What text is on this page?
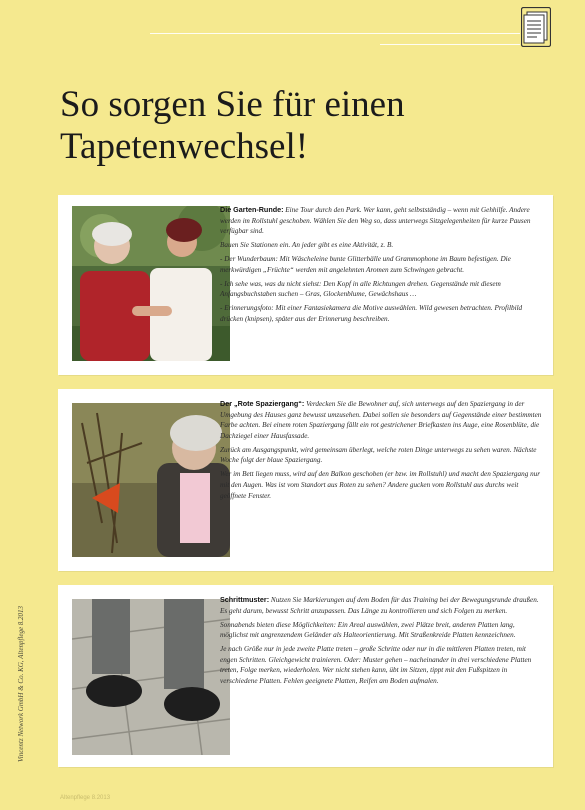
So sorgen Sie für einen
Tapetenwechsel!

Die Garten-Runde: Eine Tour durch den Park. Wer kann, geht selbstständig – wenn mit Gehhilfe. Andere werden im Rollstuhl geschoben. Wählen Sie den Weg so, dass unterwegs Sitzgelegenheiten für kurze Pausen verfügbar sind.

Bauen Sie Stationen ein. An jeder gibt es eine Aktivität, z. B.

- Der Wunderbaum: Mit Wäscheleine bunte Glitterbälle und Grammophone im Baum befestigen. Die merkwürdigen „Früchte“ werden mit angelehnten Aromen zum Schwingen gebracht.

- Ich sehe was, was du nicht siehst: Den Kopf in alle Richtungen drehen. Gegenstände mit diesem Anfangsbuchstaben suchen – Gras, Glockenblume, Gewächshaus …

- Erinnerungsfoto: Mit einer Fantasiekamera die Motive auswählen. Wild gewesen betrachten. Profilbild drücken (knipsen), später aus der Erinnerung beschreiben.

Der „Rote Spaziergang“: Verdecken Sie die Bewohner auf, sich unterwegs auf den Spaziergang in der Umgebung des Hauses ganz bewusst umzusehen. Dabei sollen sie besonders auf Gegenstände einer bestimmten Farbe achten. Bei einem roten Spaziergang fällt ein rot gestrichener Briefkasten ins Auge, eine Rosenblüte, die Dachziegel einer Hausfassade.

Zurück am Ausgangspunkt, wird gemeinsam überlegt, welche roten Dinge unterwegs zu sehen waren. Nächste Woche folgt der blaue Spaziergang.

Wer im Bett liegen muss, wird auf den Balkon geschoben (er bzw. im Rollstuhl) und macht den Spaziergang nur mit den Augen. Was ist vom Standort aus Roten zu sehen? Andere gucken vom Rollstuhl aus durchs weit geöffnete Fenster.

Schrittmuster: Nutzen Sie Markierungen auf dem Boden für das Training bei der Bewegungsrunde draußen. Es geht darum, bewusst Schritt anzupassen. Das Länge zu kontrollieren und sich Folgen zu merken.

Sonnabends bieten diese Möglichkeiten: Ein Areal auswählen, zwei Plätze breit, anderen Platten lang, möglichst mit angrenzendem Geländer als Halteorientierung. Mit Straßenkreide Platten kennzeichnen.

Je nach Größe nur in jede zweite Platte treten – große Schritte oder nur in die mittleren Platten treten, mit engen Schritten. Gleichgewicht trainieren. Oder: Muster gehen – nacheinander in drei verschiedene Platten treten, Folge merken, wiederholen. Wer nicht stehen kann, übt im Sitzen, tippt mit den Fußspitzen in verschiedene Platten. Fehlen geeignete Platten, Reifen am Boden aufmalen.

Vincentz Network GmbH & Co. KG, Altenpflege 8.2013
Altenpflege 8.2013
